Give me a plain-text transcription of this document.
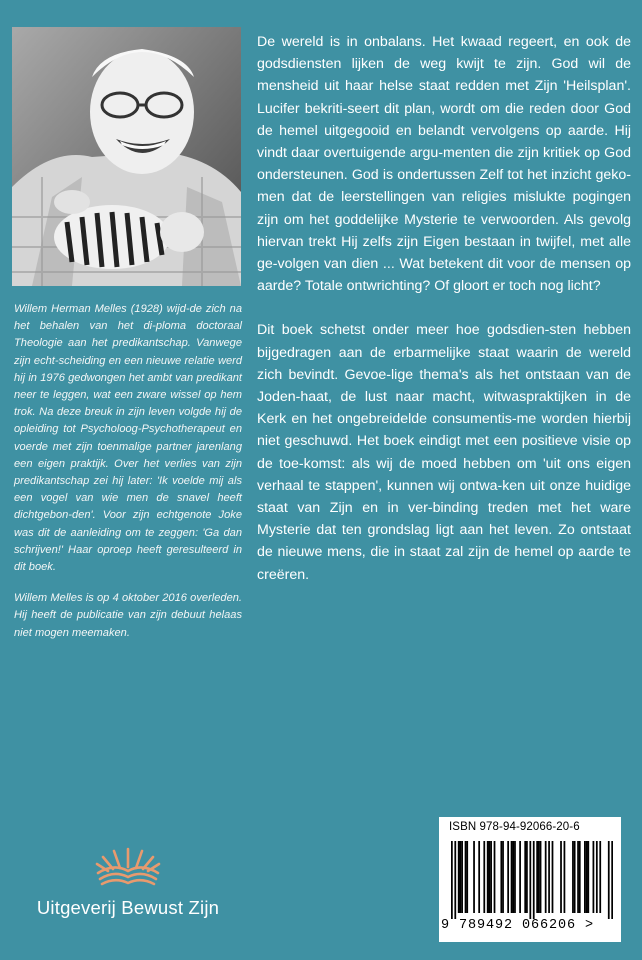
Willem Herman Melles (1928) wijd-de zich na het behalen van het di-ploma doctoraal Theologie aan het predikantschap. Vanwege zijn echt-scheiding en een nieuwe relatie werd hij in 1976 gedwongen het ambt van predikant neer te leggen, wat een zware wissel op hem trok. Na deze breuk in zijn leven volgde hij de opleiding tot Psycholoog-Psychotherapeut en voerde met zijn toenmalige partner jarenlang een eigen praktijk. Over het verlies van zijn predikantschap zei hij later: 'Ik voelde mij als een vogel van wie men de snavel heeft dichtgebon-den'. Voor zijn echtgenote Joke was dit de aanleiding om te zeggen: 'Ga dan schrijven!' Haar oproep heeft geresulteerd in dit boek.

Willem Melles is op 4 oktober 2016 overleden. Hij heeft de publicatie van zijn debuut helaas niet mogen meemaken.

De wereld is in onbalans. Het kwaad regeert, en ook de godsdiensten lijken de weg kwijt te zijn. God wil de mensheid uit haar helse staat redden met Zijn 'Heilsplan'. Lucifer bekriti-seert dit plan, wordt om die reden door God de hemel uitgegooid en belandt vervolgens op aarde. Hij vindt daar overtuigende argu-menten die zijn kritiek op God ondersteunen. God is ondertussen Zelf tot het inzicht geko-men dat de leerstellingen van religies mislukte pogingen zijn om het goddelijke Mysterie te verwoorden. Als gevolg hiervan trekt Hij zelfs zijn Eigen bestaan in twijfel, met alle ge-volgen van dien ... Wat betekent dit voor de mensen op aarde? Totale ontwrichting? Of gloort er toch nog licht?

Dit boek schetst onder meer hoe godsdien-sten hebben bijgedragen aan de erbarmelijke staat waarin de wereld zich bevindt. Gevoe-lige thema's als het ontstaan van de Joden-haat, de lust naar macht, witwaspraktijken in de Kerk en het ongebreidelde consumentis-me worden hierbij niet geschuwd. Het boek eindigt met een positieve visie op de toe-komst: als wij de moed hebben om 'uit ons eigen verhaal te stappen', kunnen wij ontwa-ken uit onze huidige staat van Zijn en in ver-binding treden met het ware Mysterie dat ten grondslag ligt aan het leven. Zo ontstaat de nieuwe mens, die in staat zal zijn de hemel op aarde te creëren.

Uitgeverij Bewust Zijn
ISBN 978-94-92066-20-6
9 789492 066206 >
